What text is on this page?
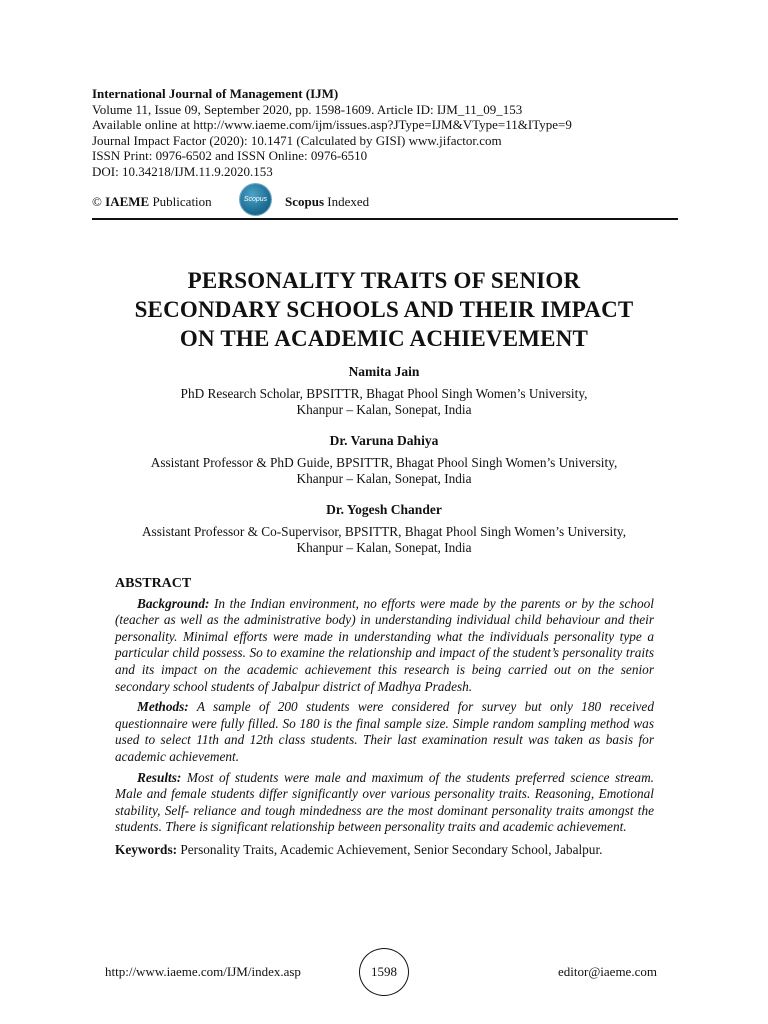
International Journal of Management (IJM)
Volume 11, Issue 09, September 2020, pp. 1598-1609. Article ID: IJM_11_09_153
Available online at http://www.iaeme.com/ijm/issues.asp?JType=IJM&VType=11&IType=9
Journal Impact Factor (2020): 10.1471 (Calculated by GISI) www.jifactor.com
ISSN Print: 0976-6502 and ISSN Online: 0976-6510
DOI: 10.34218/IJM.11.9.2020.153
© IAEME Publication	Scopus Scopus Indexed
PERSONALITY TRAITS OF SENIOR
SECONDARY SCHOOLS AND THEIR IMPACT
ON THE ACADEMIC ACHIEVEMENT
Namita Jain
PhD Research Scholar, BPSITTR, Bhagat Phool Singh Women’s University,
Khanpur – Kalan, Sonepat, India
Dr. Varuna Dahiya
Assistant Professor & PhD Guide, BPSITTR, Bhagat Phool Singh Women’s University,
Khanpur – Kalan, Sonepat, India
Dr. Yogesh Chander
Assistant Professor & Co-Supervisor, BPSITTR, Bhagat Phool Singh Women’s University,
Khanpur – Kalan, Sonepat, India
ABSTRACT

Background: In the Indian environment, no efforts were made by the parents or by the school (teacher as well as the administrative body) in understanding individual child behaviour and their personality. Minimal efforts were made in understanding what the individuals personality type a particular child possess. So to examine the relationship and impact of the student’s personality traits and its impact on the academic achievement this research is being carried out on the senior secondary school students of Jabalpur district of Madhya Pradesh.

Methods: A sample of 200 students were considered for survey but only 180 received questionnaire were fully filled. So 180 is the final sample size. Simple random sampling method was used to select 11th and 12th class students. Their last examination result was taken as basis for academic achievement.

Results: Most of students were male and maximum of the students preferred science stream. Male and female students differ significantly over various personality traits. Reasoning, Emotional stability, Self- reliance and tough mindedness are the most dominant personality traits amongst the students. There is significant relationship between personality traits and academic achievement.

Keywords: Personality Traits, Academic Achievement, Senior Secondary School, Jabalpur.
http://www.iaeme.com/IJM/index.asp	1598	editor@iaeme.com
